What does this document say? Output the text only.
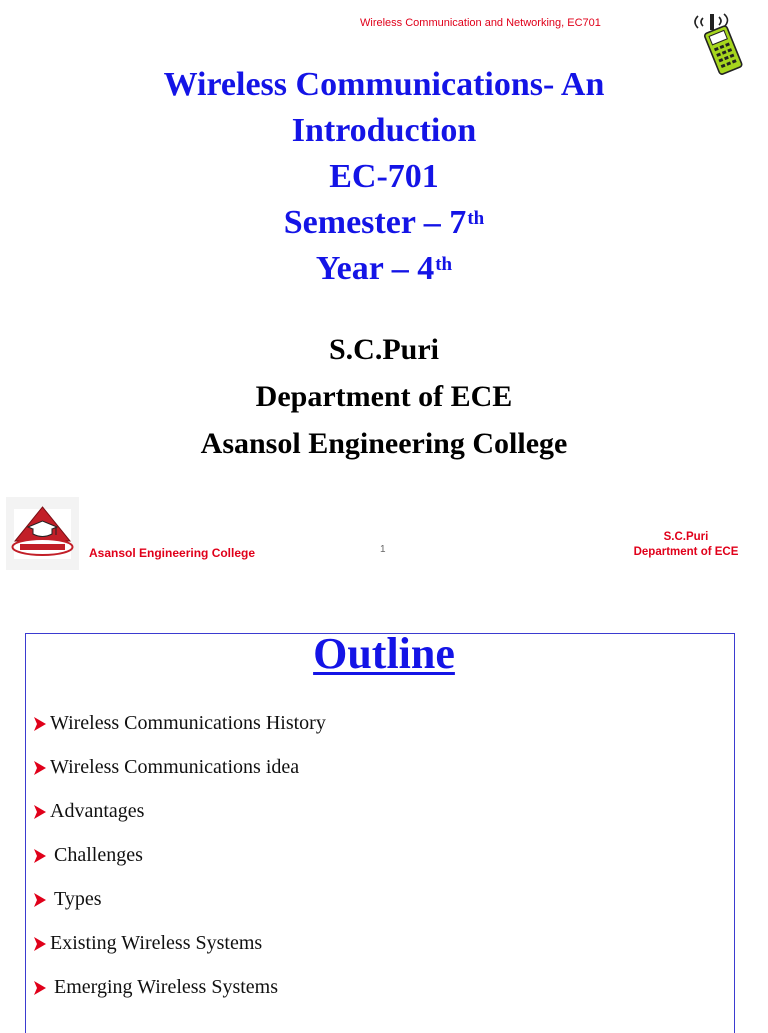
Wireless Communication and Networking, EC701
Wireless Communications- An
Introduction
EC-701
Semester – 7th
Year – 4th
S.C.Puri
Department of ECE
Asansol Engineering College
Asansol Engineering College	1
S.C.Puri
Department of ECE
Outline
Wireless Communications History
Wireless Communications idea
Advantages
Challenges
Types
Existing Wireless Systems
Emerging Wireless Systems
